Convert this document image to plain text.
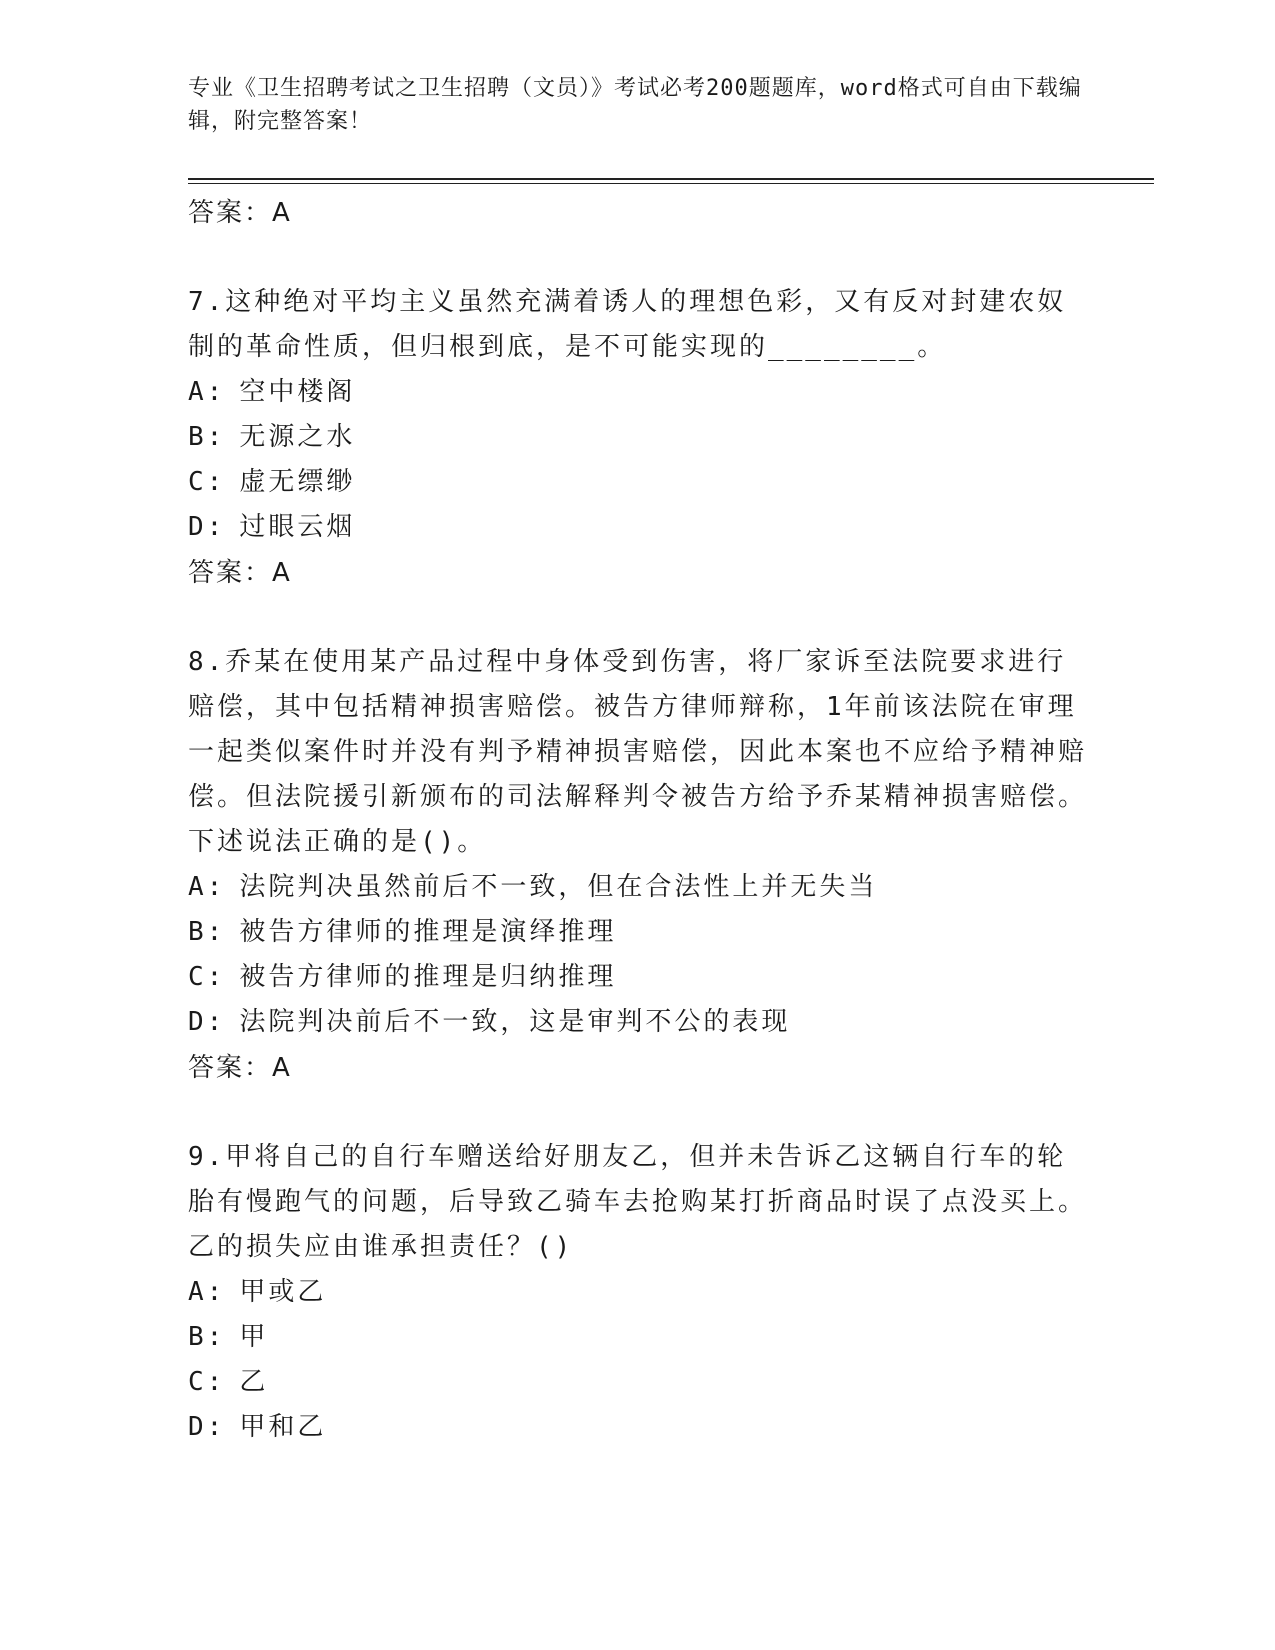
专业《卫生招聘考试之卫生招聘（文员）》考试必考200题题库，word格式可自由下载编辑，附完整答案！
答案：A
7.这种绝对平均主义虽然充满着诱人的理想色彩，又有反对封建农奴制的革命性质，但归根到底，是不可能实现的________。
A: 空中楼阁
B: 无源之水
C: 虚无缥缈
D: 过眼云烟
答案：A
8.乔某在使用某产品过程中身体受到伤害，将厂家诉至法院要求进行赔偿，其中包括精神损害赔偿。被告方律师辩称，1年前该法院在审理一起类似案件时并没有判予精神损害赔偿，因此本案也不应给予精神赔偿。但法院援引新颁布的司法解释判令被告方给予乔某精神损害赔偿。下述说法正确的是()。
A: 法院判决虽然前后不一致，但在合法性上并无失当
B: 被告方律师的推理是演绎推理
C: 被告方律师的推理是归纳推理
D: 法院判决前后不一致，这是审判不公的表现
答案：A
9.甲将自己的自行车赠送给好朋友乙，但并未告诉乙这辆自行车的轮胎有慢跑气的问题，后导致乙骑车去抢购某打折商品时误了点没买上。乙的损失应由谁承担责任？()
A: 甲或乙
B: 甲
C: 乙
D: 甲和乙
